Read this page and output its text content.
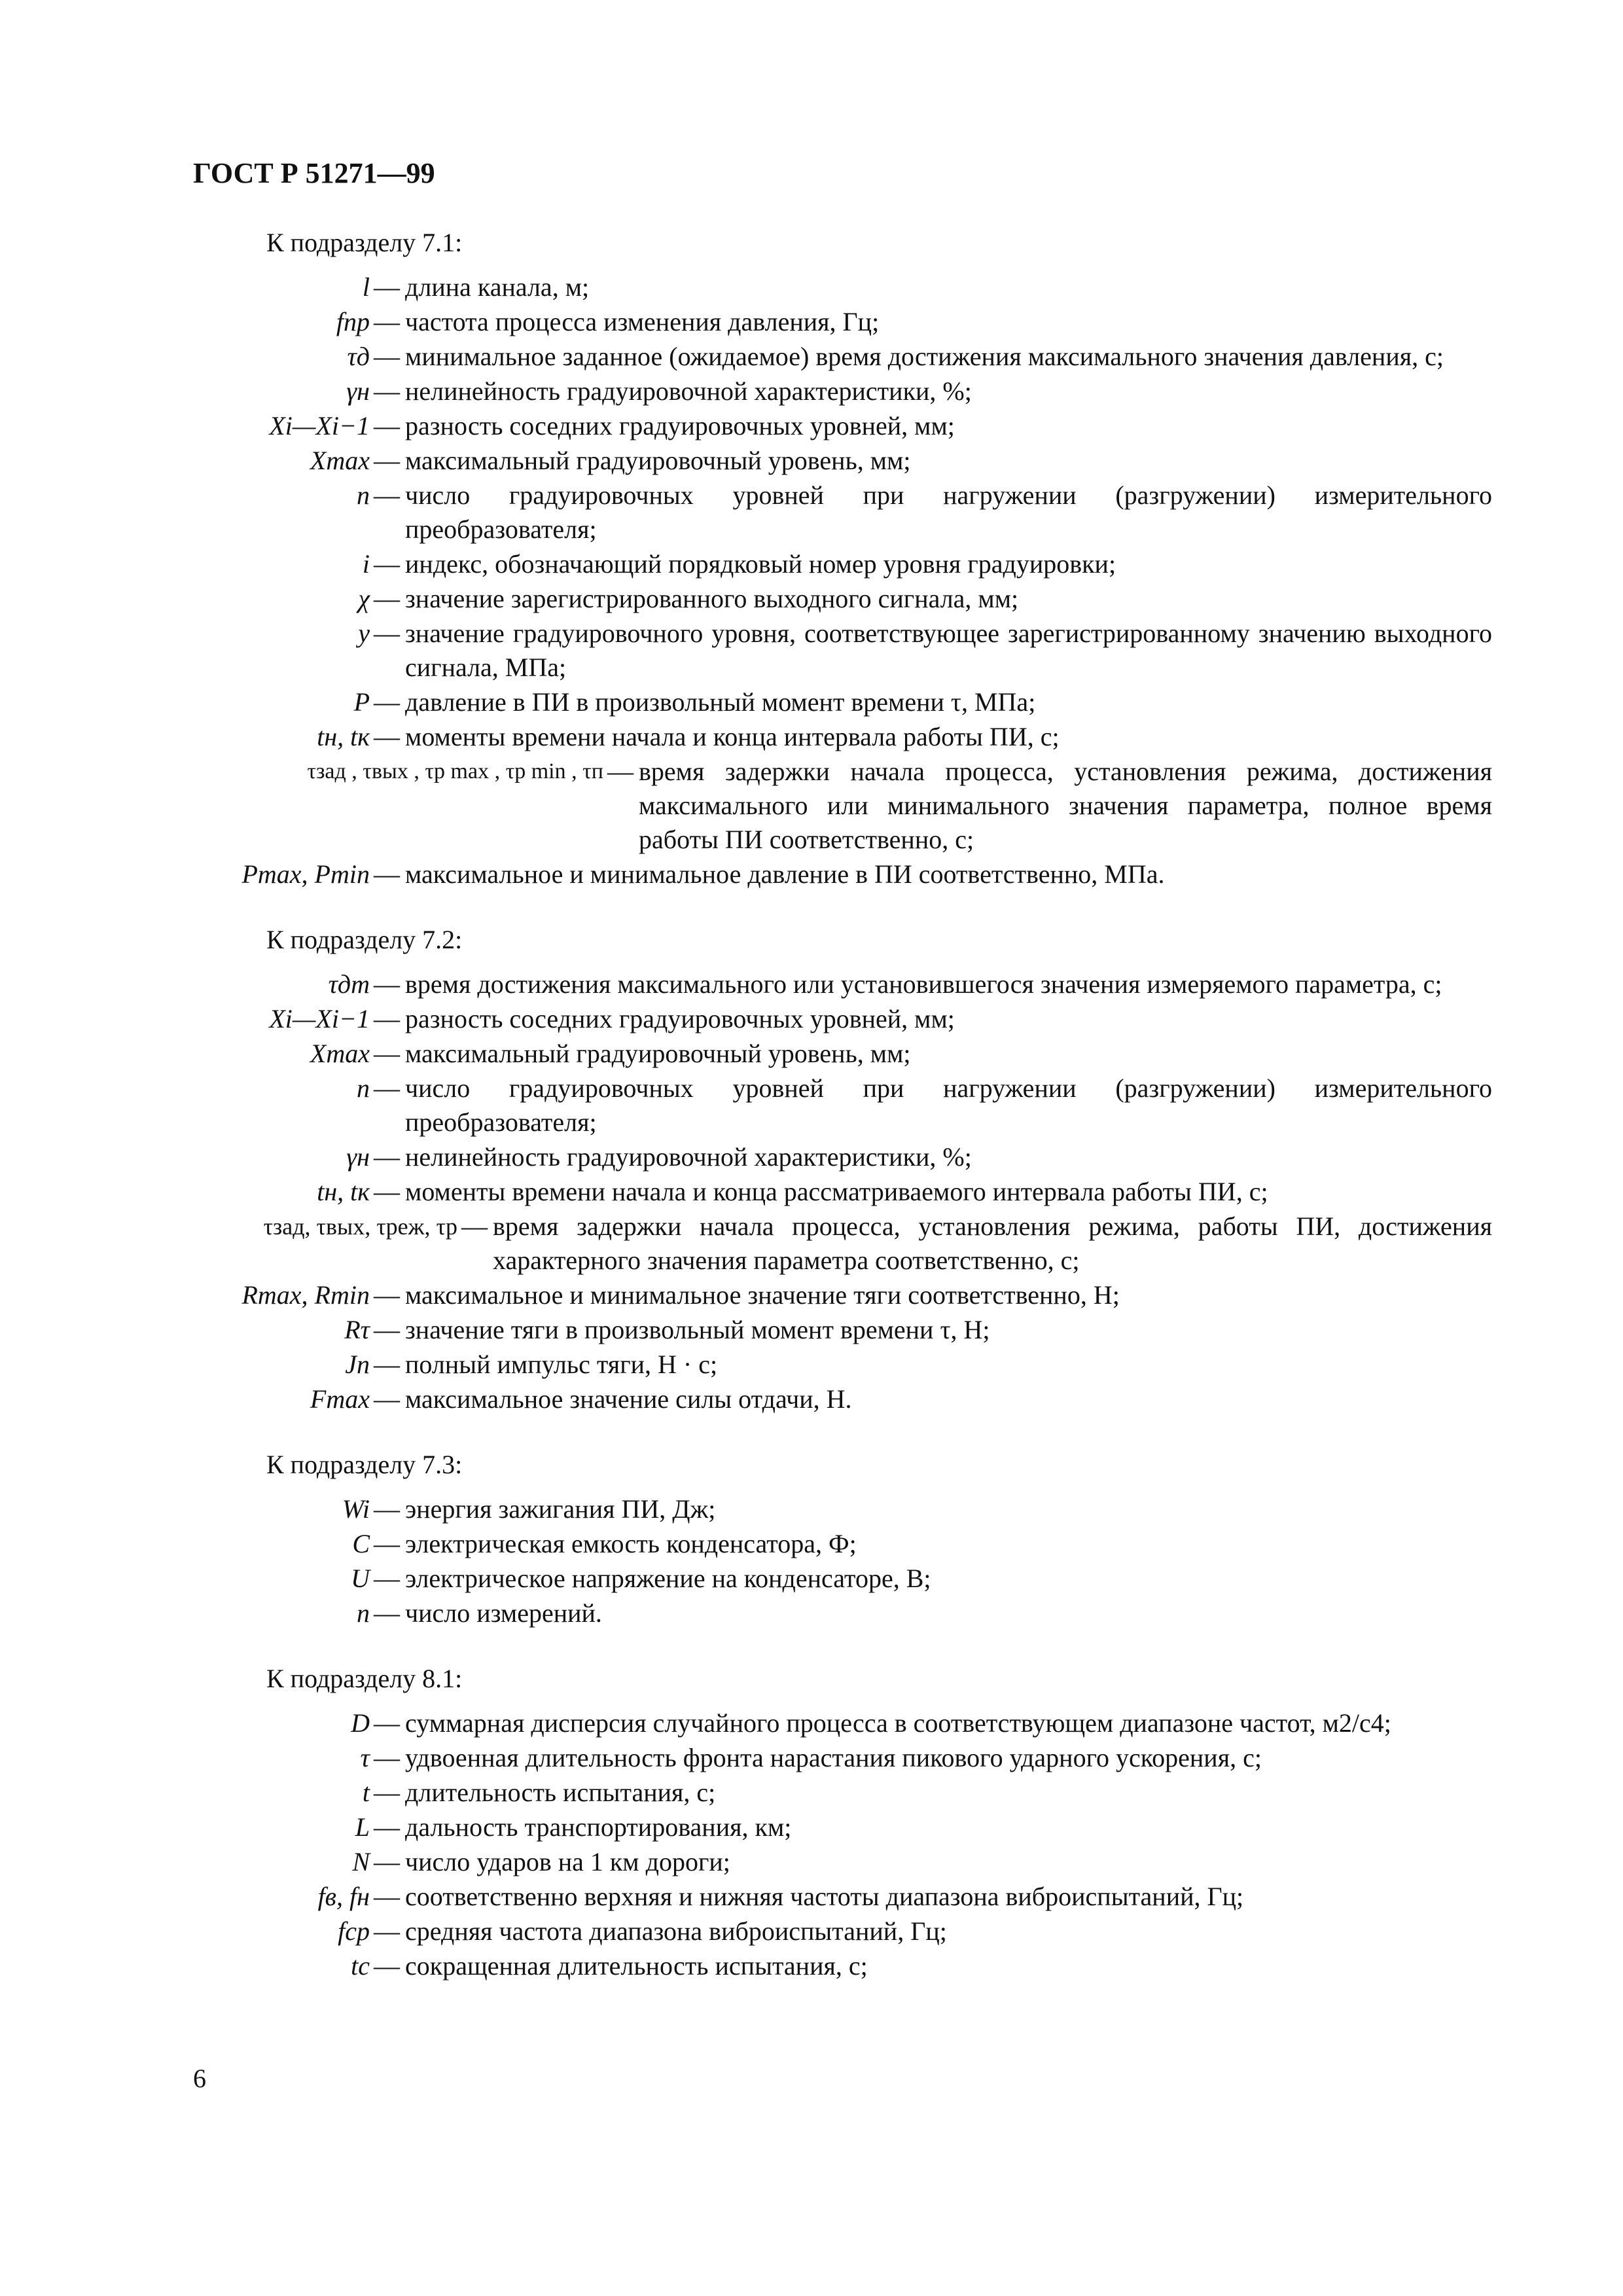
ГОСТ Р 51271—99
К подразделу 7.1:
l — длина канала, м;
fпр — частота процесса изменения давления, Гц;
τд — минимальное заданное (ожидаемое) время достижения максимального значения давления, с;
γн — нелинейность градуировочной характеристики, %;
Xi—Xi−1 — разность соседних градуировочных уровней, мм;
Xmax — максимальный градуировочный уровень, мм;
n — число градуировочных уровней при нагружении (разгружении) измерительного преобразователя;
i — индекс, обозначающий порядковый номер уровня градуировки;
χ — значение зарегистрированного выходного сигнала, мм;
y — значение градуировочного уровня, соответствующее зарегистрированному значению выходного сигнала, МПа;
P — давление в ПИ в произвольный момент времени τ, МПа;
tн, tк — моменты времени начала и конца интервала работы ПИ, с;
τзад , τвых , τp max , τp min , τп — время задержки начала процесса, установления режима, достижения максимального или минимального значения параметра, полное время работы ПИ соответственно, с;
Pmax, Pmin — максимальное и минимальное давление в ПИ соответственно, МПа.
К подразделу 7.2:
τдт — время достижения максимального или установившегося значения измеряемого параметра, с;
Xi—Xi−1 — разность соседних градуировочных уровней, мм;
Xmax — максимальный градуировочный уровень, мм;
n — число градуировочных уровней при нагружении (разгружении) измерительного преобразователя;
γн — нелинейность градуировочной характеристики, %;
tн, tк — моменты времени начала и конца рассматриваемого интервала работы ПИ, с;
τзад, τвых, τреж, τp — время задержки начала процесса, установления режима, работы ПИ, достижения характерного значения параметра соответственно, с;
Rmax, Rmin — максимальное и минимальное значение тяги соответственно, Н;
Rτ — значение тяги в произвольный момент времени τ, Н;
Jп — полный импульс тяги, Н · с;
Fmax — максимальное значение силы отдачи, Н.
К подразделу 7.3:
Wi — энергия зажигания ПИ, Дж;
C — электрическая емкость конденсатора, Ф;
U — электрическое напряжение на конденсаторе, В;
n — число измерений.
К подразделу 8.1:
D — суммарная дисперсия случайного процесса в соответствующем диапазоне частот, м2/с4;
τ — удвоенная длительность фронта нарастания пикового ударного ускорения, с;
t — длительность испытания, с;
L — дальность транспортирования, км;
N — число ударов на 1 км дороги;
fв, fн — соответственно верхняя и нижняя частоты диапазона виброиспытаний, Гц;
fср — средняя частота диапазона виброиспытаний, Гц;
tс — сокращенная длительность испытания, с;
6
